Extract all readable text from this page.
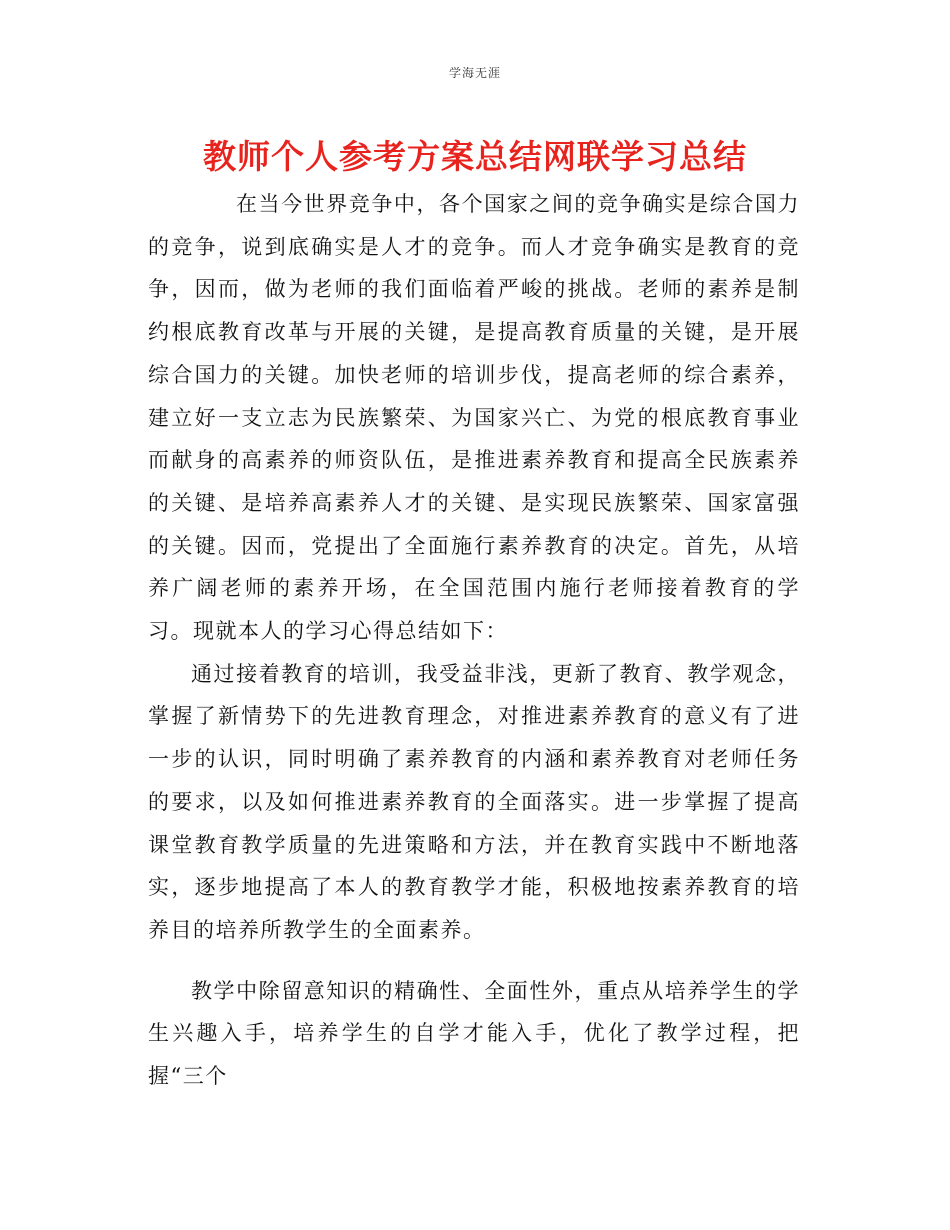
学海无涯
教师个人参考方案总结网联学习总结

在当今世界竞争中，各个国家之间的竞争确实是综合国力的竞争，说到底确实是人才的竞争。而人才竞争确实是教育的竞争，因而，做为老师的我们面临着严峻的挑战。老师的素养是制约根底教育改革与开展的关键，是提高教育质量的关键，是开展综合国力的关键。加快老师的培训步伐，提高老师的综合素养，建立好一支立志为民族繁荣、为国家兴亡、为党的根底教育事业而献身的高素养的师资队伍，是推进素养教育和提高全民族素养的关键、是培养高素养人才的关键、是实现民族繁荣、国家富强的关键。因而，党提出了全面施行素养教育的决定。首先，从培养广阔老师的素养开场，在全国范围内施行老师接着教育的学习。现就本人的学习心得总结如下：

通过接着教育的培训，我受益非浅，更新了教育、教学观念，掌握了新情势下的先进教育理念，对推进素养教育的意义有了进一步的认识，同时明确了素养教育的内涵和素养教育对老师任务的要求，以及如何推进素养教育的全面落实。进一步掌握了提高课堂教育教学质量的先进策略和方法，并在教育实践中不断地落实，逐步地提高了本人的教育教学才能，积极地按素养教育的培养目的培养所教学生的全面素养。

教学中除留意知识的精确性、全面性外，重点从培养学生的学生兴趣入手，培养学生的自学才能入手，优化了教学过程，把握“三个
